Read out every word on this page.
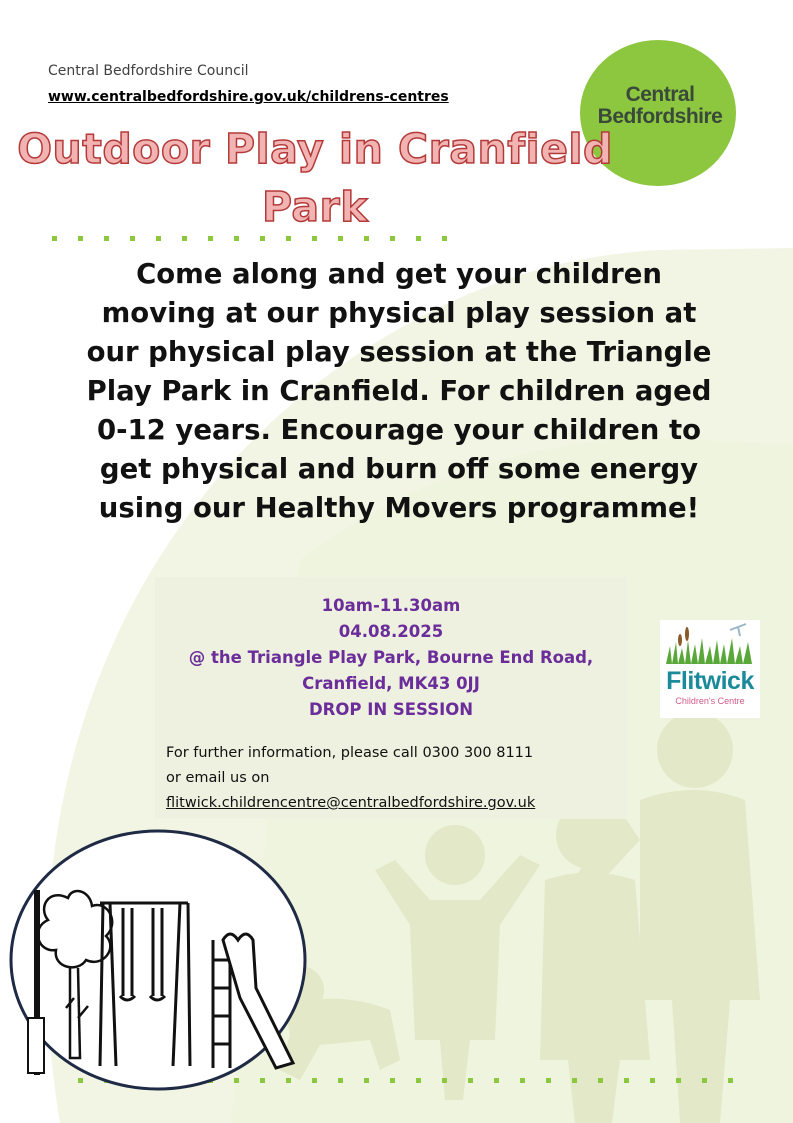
Central Bedfordshire Council

www.centralbedfordshire.gov.uk/childrens-centres	Central
Bedfordshire
Outdoor Play in Cranfield
Park

Come along and get your children moving at our physical play session at our physical play session at the Triangle Play Park in Cranfield. For children aged 0-12 years. Encourage your children to get physical and burn off some energy using our Healthy Movers programme!

10am-11.30am
04.08.2025
@ the Triangle Play Park, Bourne End Road,
Cranfield, MK43 0JJ
DROP IN SESSION
For further information, please call 0300 300 8111
or email us on
flitwick.childrencentre@centralbedfordshire.gov.uk
Flitwick
Children's Centre
